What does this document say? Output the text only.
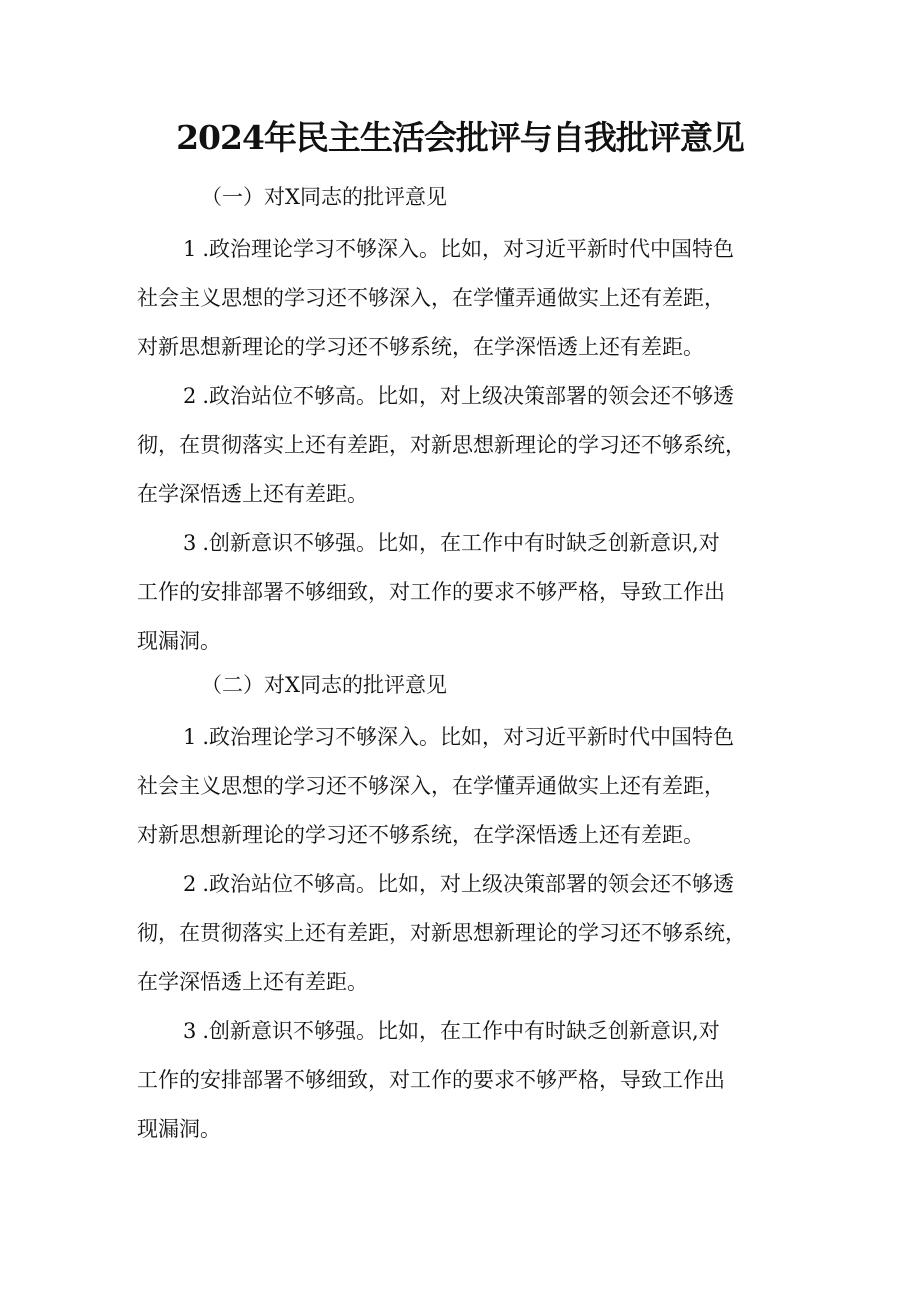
2024年民主生活会批评与自我批评意见

（一）对X同志的批评意见

1 .政治理论学习不够深入。比如，对习近平新时代中国特色
社会主义思想的学习还不够深入，在学懂弄通做实上还有差距，
对新思想新理论的学习还不够系统，在学深悟透上还有差距。

2 .政治站位不够高。比如，对上级决策部署的领会还不够透
彻，在贯彻落实上还有差距，对新思想新理论的学习还不够系统，
在学深悟透上还有差距。

3 .创新意识不够强。比如，在工作中有时缺乏创新意识,对
工作的安排部署不够细致，对工作的要求不够严格，导致工作出
现漏洞。

（二）对X同志的批评意见

1 .政治理论学习不够深入。比如，对习近平新时代中国特色
社会主义思想的学习还不够深入，在学懂弄通做实上还有差距，
对新思想新理论的学习还不够系统，在学深悟透上还有差距。

2 .政治站位不够高。比如，对上级决策部署的领会还不够透
彻，在贯彻落实上还有差距，对新思想新理论的学习还不够系统，
在学深悟透上还有差距。

3 .创新意识不够强。比如，在工作中有时缺乏创新意识,对
工作的安排部署不够细致，对工作的要求不够严格，导致工作出
现漏洞。
